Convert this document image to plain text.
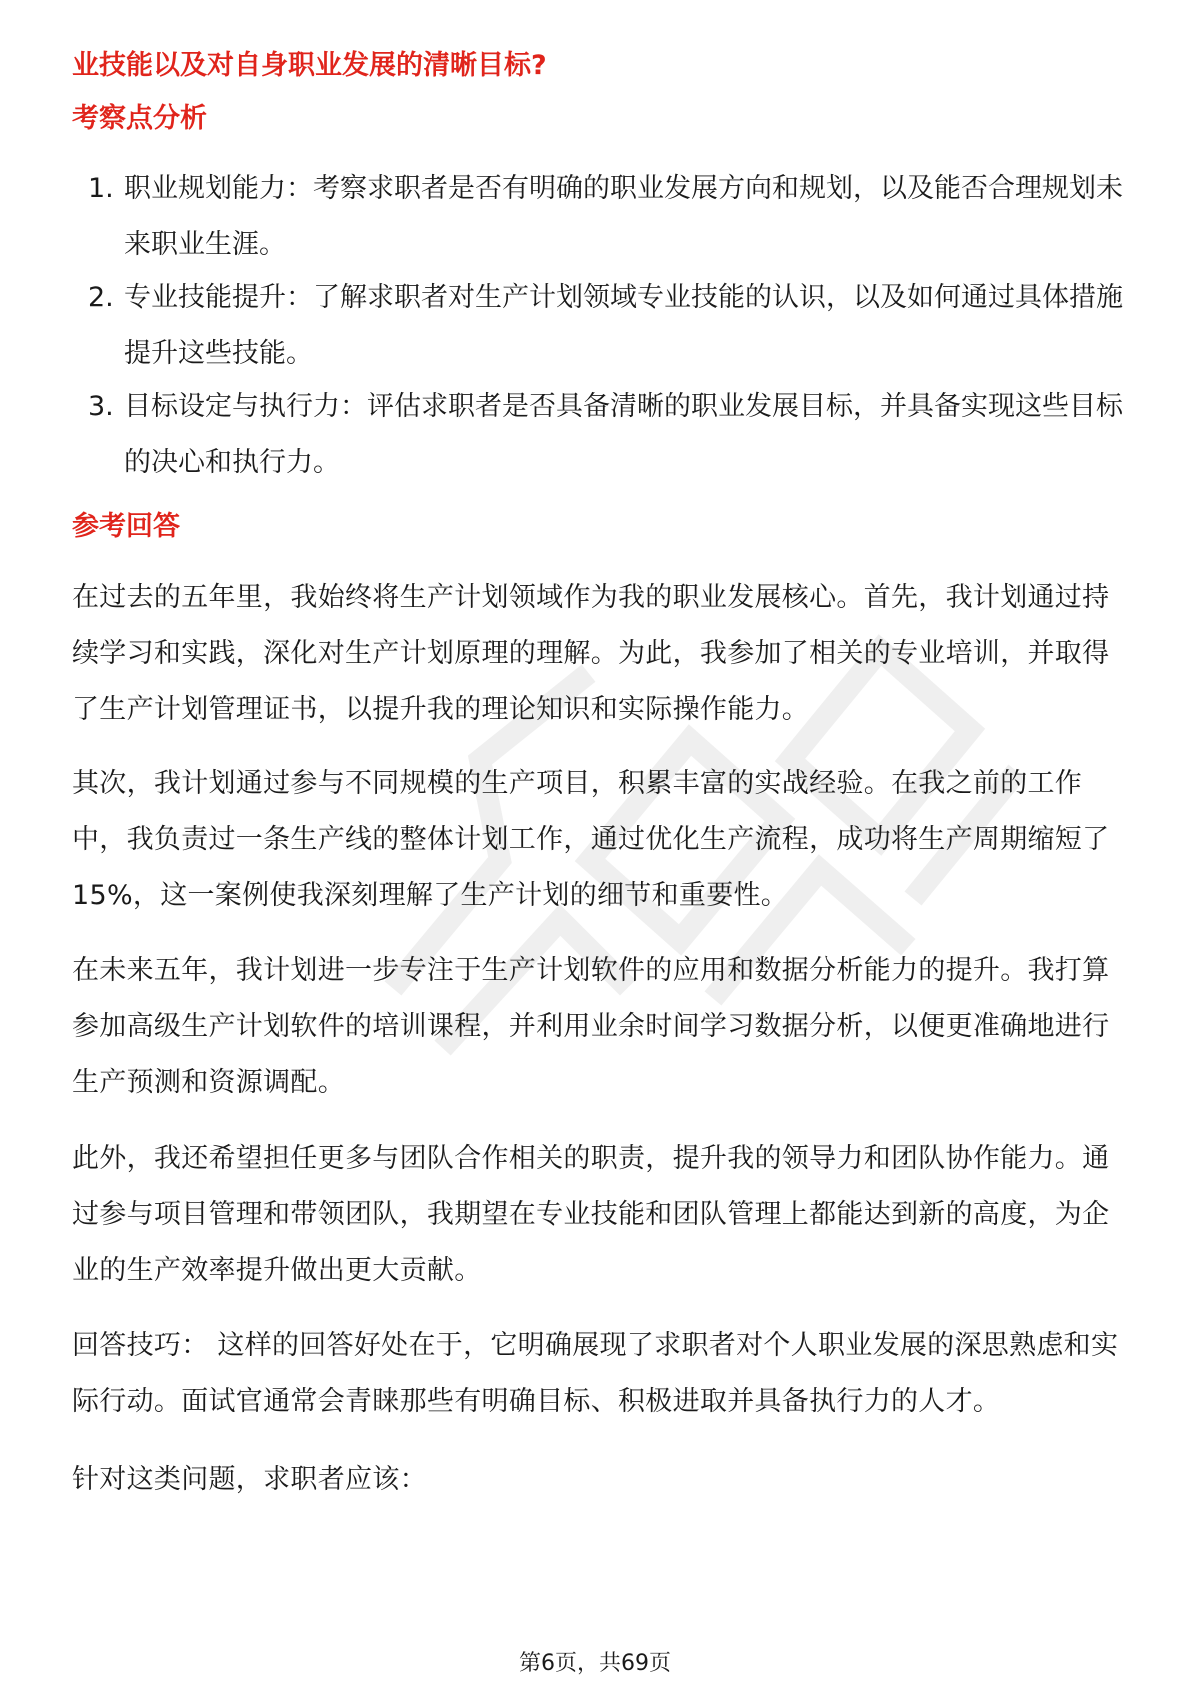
业技能以及对自身职业发展的清晰目标?
考察点分析
1. 职业规划能力：考察求职者是否有明确的职业发展方向和规划，以及能否合理规划未来职业生涯。
2. 专业技能提升：了解求职者对生产计划领域专业技能的认识，以及如何通过具体措施提升这些技能。
3. 目标设定与执行力：评估求职者是否具备清晰的职业发展目标，并具备实现这些目标的决心和执行力。
参考回答
在过去的五年里，我始终将生产计划领域作为我的职业发展核心。首先，我计划通过持续学习和实践，深化对生产计划原理的理解。为此，我参加了相关的专业培训，并取得了生产计划管理证书，以提升我的理论知识和实际操作能力。
其次，我计划通过参与不同规模的生产项目，积累丰富的实战经验。在我之前的工作中，我负责过一条生产线的整体计划工作，通过优化生产流程，成功将生产周期缩短了15%，这一案例使我深刻理解了生产计划的细节和重要性。
在未来五年，我计划进一步专注于生产计划软件的应用和数据分析能力的提升。我打算参加高级生产计划软件的培训课程，并利用业余时间学习数据分析，以便更准确地进行生产预测和资源调配。
此外，我还希望担任更多与团队合作相关的职责，提升我的领导力和团队协作能力。通过参与项目管理和带领团队，我期望在专业技能和团队管理上都能达到新的高度，为企业的生产效率提升做出更大贡献。
回答技巧： 这样的回答好处在于，它明确展现了求职者对个人职业发展的深思熟虑和实际行动。面试官通常会青睐那些有明确目标、积极进取并具备执行力的人才。
针对这类问题，求职者应该：
第6页，共69页
